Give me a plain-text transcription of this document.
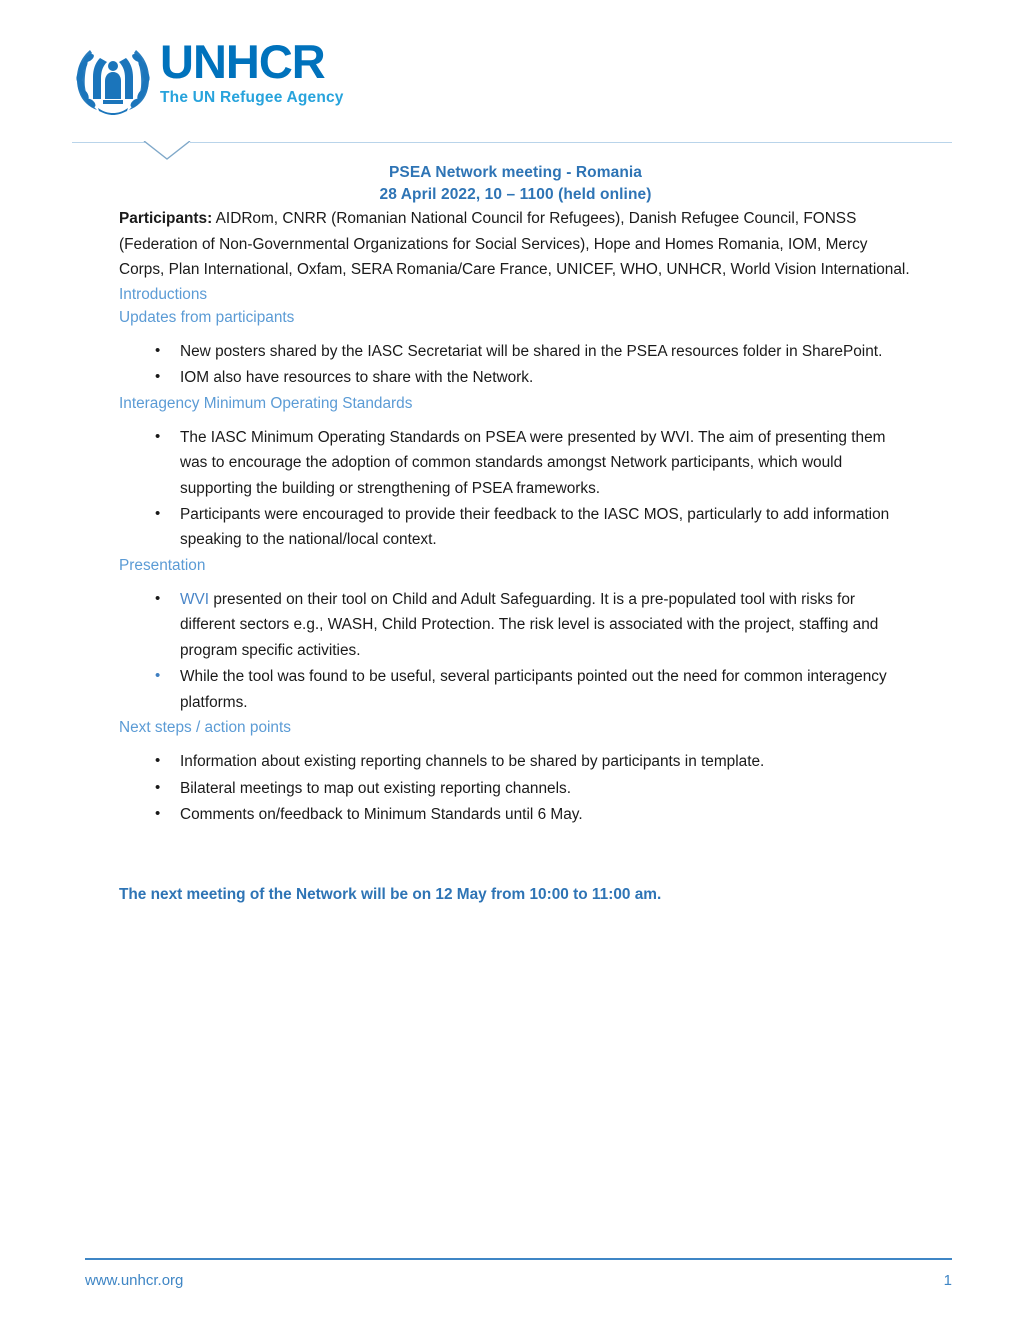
UNHCR
The UN Refugee Agency
PSEA Network meeting - Romania
28 April 2022, 10 – 1100 (held online)

Participants: AIDRom, CNRR (Romanian National Council for Refugees), Danish Refugee Council, FONSS (Federation of Non-Governmental Organizations for Social Services), Hope and Homes Romania, IOM, Mercy Corps, Plan International, Oxfam, SERA Romania/Care France, UNICEF, WHO, UNHCR, World Vision International.

Introductions
Updates from participants
• New posters shared by the IASC Secretariat will be shared in the PSEA resources folder in SharePoint.
• IOM also have resources to share with the Network.
Interagency Minimum Operating Standards
• The IASC Minimum Operating Standards on PSEA were presented by WVI. The aim of presenting them was to encourage the adoption of common standards amongst Network participants, which would supporting the building or strengthening of PSEA frameworks.
• Participants were encouraged to provide their feedback to the IASC MOS, particularly to add information speaking to the national/local context.
Presentation
• WVI presented on their tool on Child and Adult Safeguarding. It is a pre-populated tool with risks for different sectors e.g., WASH, Child Protection. The risk level is associated with the project, staffing and program specific activities.
• While the tool was found to be useful, several participants pointed out the need for common interagency platforms.
Next steps / action points
• Information about existing reporting channels to be shared by participants in template.
• Bilateral meetings to map out existing reporting channels.
• Comments on/feedback to Minimum Standards until 6 May.
The next meeting of the Network will be on 12 May from 10:00 to 11:00 am.
www.unhcr.org	1
